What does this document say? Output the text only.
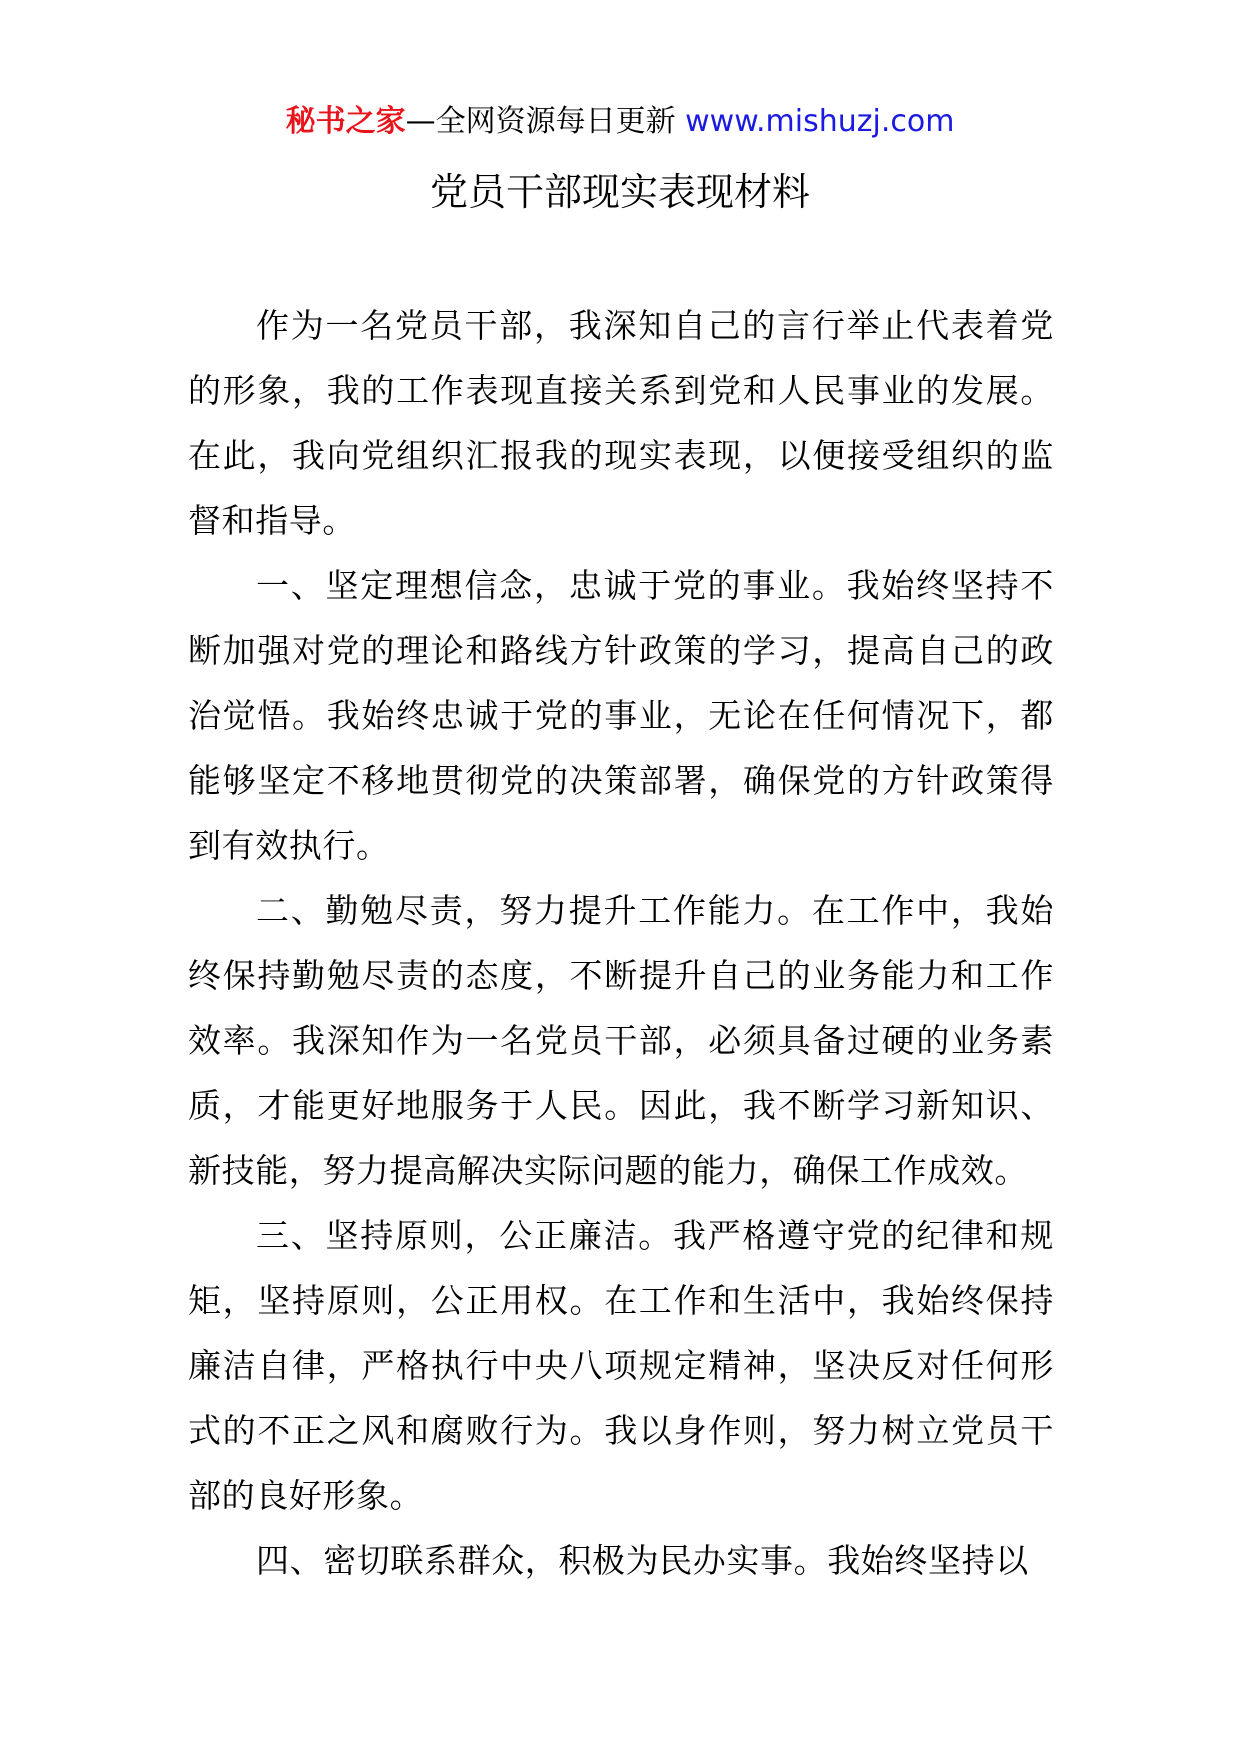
秘书之家—全网资源每日更新 www.mishuzj.com
党员干部现实表现材料

作为一名党员干部，我深知自己的言行举止代表着党的形象，我的工作表现直接关系到党和人民事业的发展。在此，我向党组织汇报我的现实表现，以便接受组织的监督和指导。

一、坚定理想信念，忠诚于党的事业。我始终坚持不断加强对党的理论和路线方针政策的学习，提高自己的政治觉悟。我始终忠诚于党的事业，无论在任何情况下，都能够坚定不移地贯彻党的决策部署，确保党的方针政策得到有效执行。

二、勤勉尽责，努力提升工作能力。在工作中，我始终保持勤勉尽责的态度，不断提升自己的业务能力和工作效率。我深知作为一名党员干部，必须具备过硬的业务素质，才能更好地服务于人民。因此，我不断学习新知识、新技能，努力提高解决实际问题的能力，确保工作成效。

三、坚持原则，公正廉洁。我严格遵守党的纪律和规矩，坚持原则，公正用权。在工作和生活中，我始终保持廉洁自律，严格执行中央八项规定精神，坚决反对任何形式的不正之风和腐败行为。我以身作则，努力树立党员干部的良好形象。

四、密切联系群众，积极为民办实事。我始终坚持以
